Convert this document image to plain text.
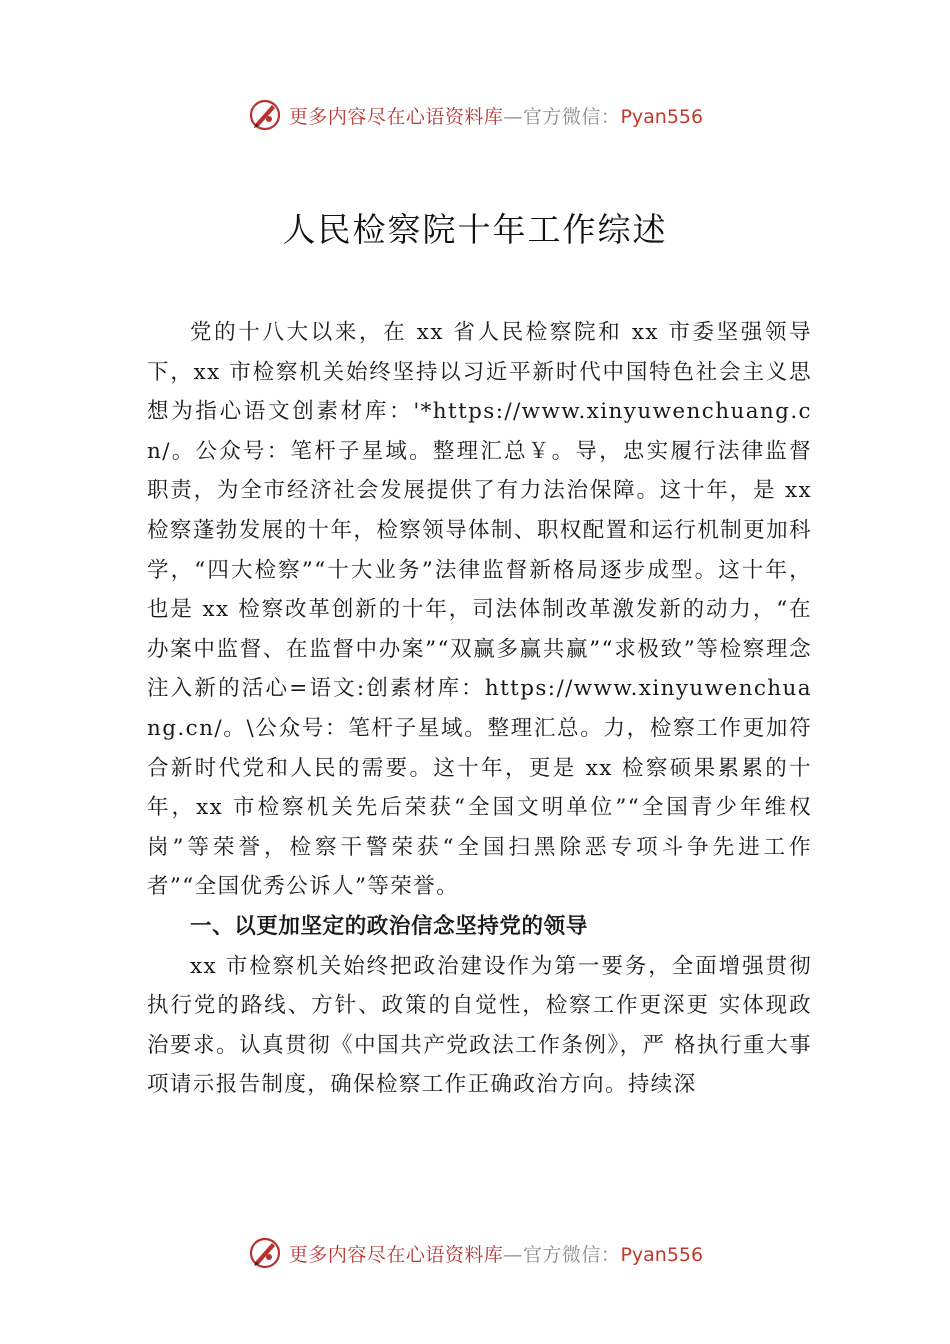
更多内容尽在心语资料库—官方微信：Pyan556
人民检察院十年工作综述

党的十八大以来，在 xx 省人民检察院和 xx 市委坚强领导下，xx 市检察机关始终坚持以习近平新时代中国特色社会主义思想为指心语文创素材库：'*https://www.xinyuwenchuang.cn/。公众号：笔杆子星域。整理汇总￥。导，忠实履行法律监督职责，为全市经济社会发展提供了有力法治保障。这十年，是 xx 检察蓬勃发展的十年，检察领导体制、职权配置和运行机制更加科学，“四大检察”“十大业务”法律监督新格局逐步成型。这十年，也是 xx 检察改革创新的十年，司法体制改革激发新的动力，“在办案中监督、在监督中办案”“双赢多赢共赢”“求极致”等检察理念注入新的活心=语文:创素材库：https://www.xinyuwenchuang.cn/。\公众号：笔杆子星域。整理汇总。力，检察工作更加符合新时代党和人民的需要。这十年，更是 xx 检察硕果累累的十年，xx 市检察机关先后荣获“全国文明单位”“全国青少年维权岗”等荣誉，检察干警荣获“全国扫黑除恶专项斗争先进工作者”“全国优秀公诉人”等荣誉。

一、以更加坚定的政治信念坚持党的领导

xx 市检察机关始终把政治建设作为第一要务，全面增强贯彻执行党的路线、方针、政策的自觉性，检察工作更深更 实体现政治要求。认真贯彻《中国共产党政法工作条例》，严 格执行重大事项请示报告制度，确保检察工作正确政治方向。持续深

更多内容尽在心语资料库—官方微信：Pyan556
